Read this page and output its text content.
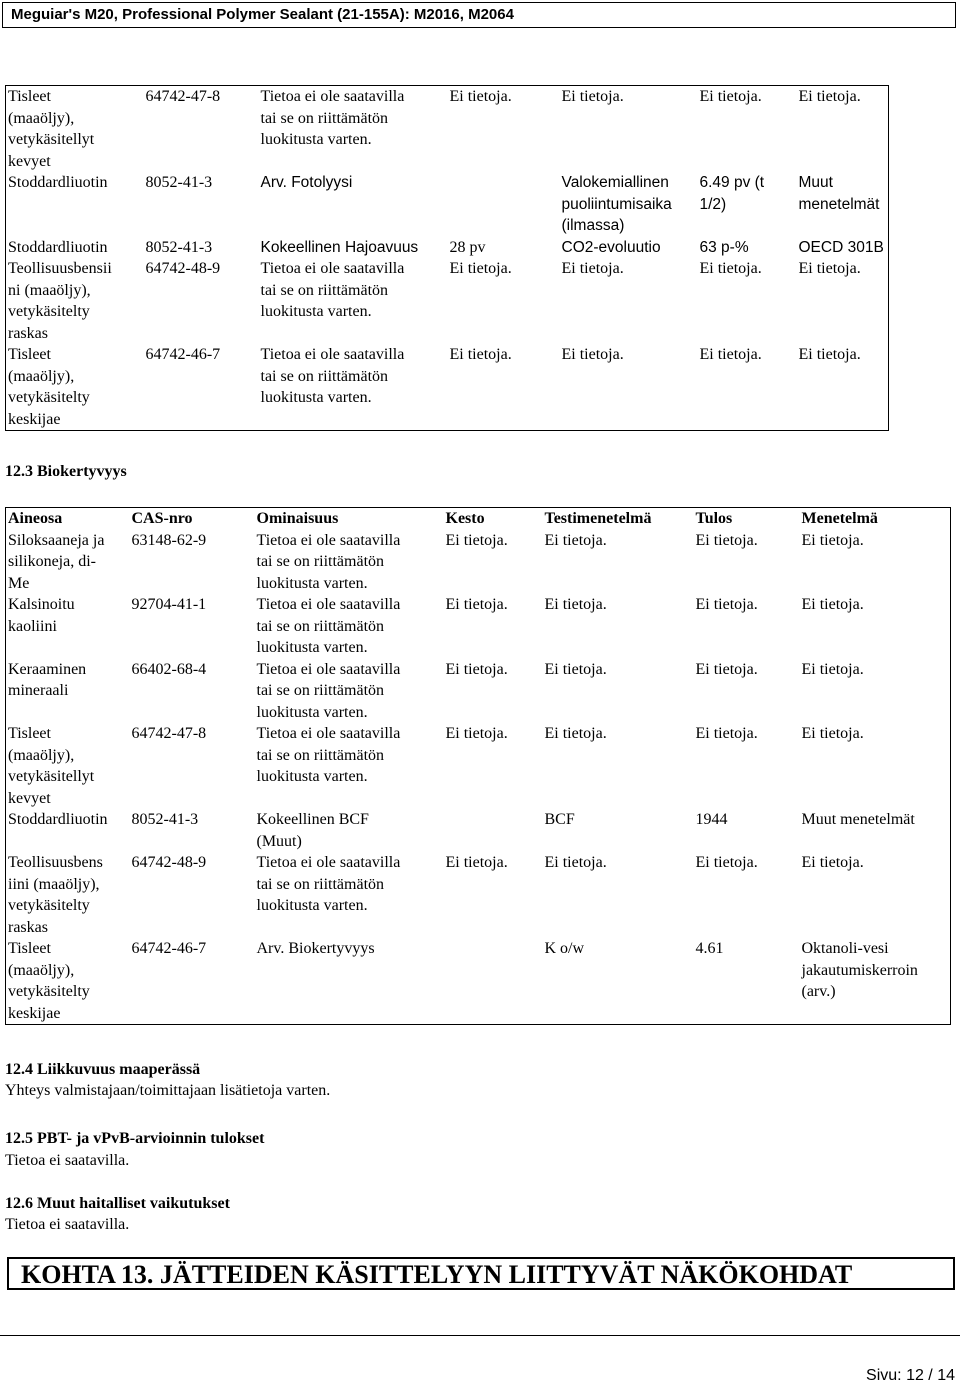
Meguiar's M20, Professional Polymer Sealant (21-155A): M2016, M2064
Tisleet
(maaöljy),
vetykäsitellyt
kevyet	64742-47-8	Tietoa ei ole saatavilla
tai se on riittämätön
luokitusta varten.	Ei tietoja.	Ei tietoja.	Ei tietoja.	Ei tietoja.

Stoddardliuotin	8052-41-3	Arv. Fotolyysi		Valokemiallinen
puoliintumisaika
(ilmassa)	6.49 pv (t
1/2)	Muut menetelmät

Stoddardliuotin	8052-41-3	Kokeellinen Hajoavuus	28 pv	CO2-evoluutio	63 p-%	OECD 301B

Teollisuusbensii
ni (maaöljy),
vetykäsitelty
raskas	64742-48-9	Tietoa ei ole saatavilla
tai se on riittämätön
luokitusta varten.	Ei tietoja.	Ei tietoja.	Ei tietoja.	Ei tietoja.

Tisleet
(maaöljy),
vetykäsitelty
keskijae	64742-46-7	Tietoa ei ole saatavilla
tai se on riittämätön
luokitusta varten.	Ei tietoja.	Ei tietoja.	Ei tietoja.	Ei tietoja.
12.3 Biokertyvyys
Aineosa	CAS-nro	Ominaisuus	Kesto	Testimenetelmä	Tulos	Menetelmä

Siloksaaneja ja
silikoneja, di-
Me	63148-62-9	Tietoa ei ole saatavilla
tai se on riittämätön
luokitusta varten.	Ei tietoja.	Ei tietoja.	Ei tietoja.	Ei tietoja.

Kalsinoitu
kaoliini	92704-41-1	Tietoa ei ole saatavilla
tai se on riittämätön
luokitusta varten.	Ei tietoja.	Ei tietoja.	Ei tietoja.	Ei tietoja.

Keraaminen
mineraali	66402-68-4	Tietoa ei ole saatavilla
tai se on riittämätön
luokitusta varten.	Ei tietoja.	Ei tietoja.	Ei tietoja.	Ei tietoja.

Tisleet
(maaöljy),
vetykäsitellyt
kevyet	64742-47-8	Tietoa ei ole saatavilla
tai se on riittämätön
luokitusta varten.	Ei tietoja.	Ei tietoja.	Ei tietoja.	Ei tietoja.

Stoddardliuotin	8052-41-3	Kokeellinen BCF
(Muut)		BCF	1944	Muut menetelmät

Teollisuusbens
iini (maaöljy),
vetykäsitelty
raskas	64742-48-9	Tietoa ei ole saatavilla
tai se on riittämätön
luokitusta varten.	Ei tietoja.	Ei tietoja.	Ei tietoja.	Ei tietoja.

Tisleet
(maaöljy),
vetykäsitelty
keskijae	64742-46-7	Arv. Biokertyvyys		K o/w	4.61	Oktanoli-vesi
jakautumiskerroin
(arv.)
12.4 Liikkuvuus maaperässä
Yhteys valmistajaan/toimittajaan lisätietoja varten.
12.5 PBT- ja vPvB-arvioinnin tulokset
Tietoa ei saatavilla.
12.6 Muut haitalliset vaikutukset
Tietoa ei saatavilla.
KOHTA 13. JÄTTEIDEN KÄSITTELYYN LIITTYVÄT NÄKÖKOHDAT
Sivu: 12 / 14
